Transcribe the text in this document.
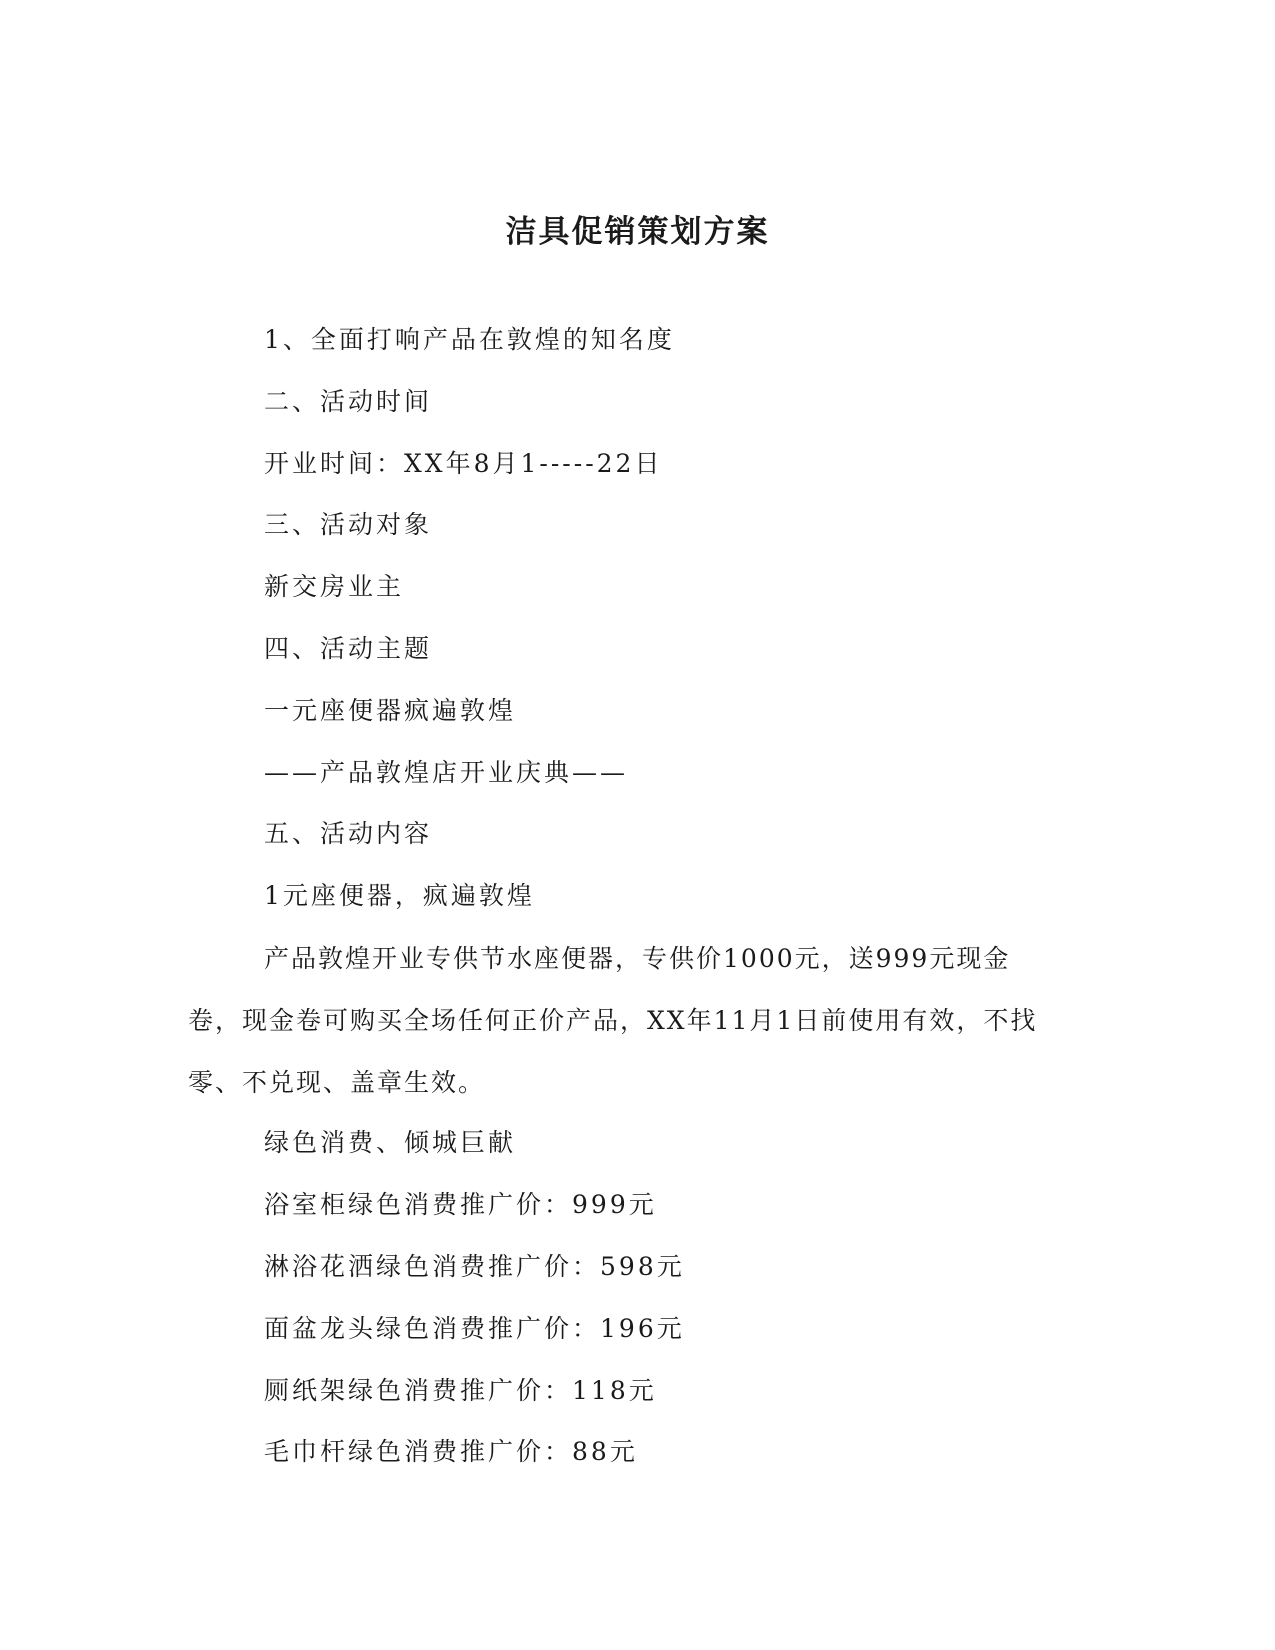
洁具促销策划方案
1、全面打响产品在敦煌的知名度
二、活动时间
开业时间：XX年8月1-----22日
三、活动对象
新交房业主
四、活动主题
一元座便器疯遍敦煌
——产品敦煌店开业庆典——
五、活动内容
1元座便器，疯遍敦煌
产品敦煌开业专供节水座便器，专供价1000元，送999元现金卷，现金卷可购买全场任何正价产品，XX年11月1日前使用有效，不找零、不兑现、盖章生效。
绿色消费、倾城巨献
浴室柜绿色消费推广价：999元
淋浴花洒绿色消费推广价：598元
面盆龙头绿色消费推广价：196元
厕纸架绿色消费推广价：118元
毛巾杆绿色消费推广价：88元
